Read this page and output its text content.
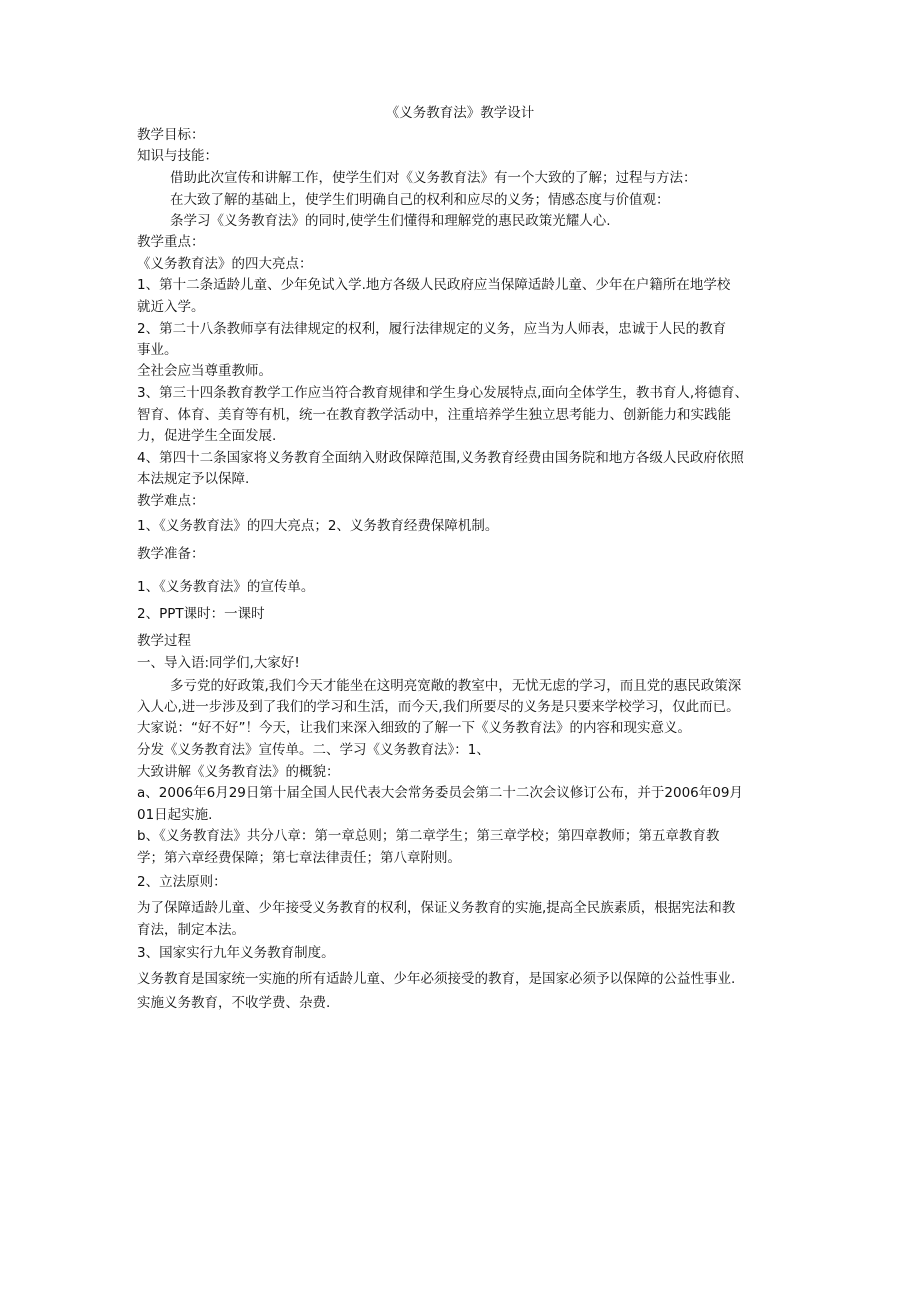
《义务教育法》教学设计
教学目标：
知识与技能：
借助此次宣传和讲解工作，使学生们对《义务教育法》有一个大致的了解；过程与方法：
在大致了解的基础上，使学生们明确自己的权利和应尽的义务；情感态度与价值观：
条学习《义务教育法》的同时,使学生们懂得和理解党的惠民政策光耀人心.
教学重点：
《义务教育法》的四大亮点：
1、第十二条适龄儿童、少年免试入学.地方各级人民政府应当保障适龄儿童、少年在户籍所在地学校
就近入学。
2、第二十八条教师享有法律规定的权利，履行法律规定的义务，应当为人师表，忠诚于人民的教育
事业。
全社会应当尊重教师。
3、第三十四条教育教学工作应当符合教育规律和学生身心发展特点,面向全体学生，教书育人,将德育、
智育、体育、美育等有机，统一在教育教学活动中，注重培养学生独立思考能力、创新能力和实践能
力，促进学生全面发展.
4、第四十二条国家将义务教育全面纳入财政保障范围,义务教育经费由国务院和地方各级人民政府依照
本法规定予以保障.
教学难点：
1、《义务教育法》的四大亮点；2、义务教育经费保障机制。
教学准备：
1、《义务教育法》的宣传单。
2、PPT课时：一课时
教学过程
一、导入语:同学们,大家好!
多亏党的好政策,我们今天才能坐在这明亮宽敞的教室中，无忧无虑的学习，而且党的惠民政策深
入人心,进一步涉及到了我们的学习和生活，而今天,我们所要尽的义务是只要来学校学习，仅此而已。
大家说：“好不好”！今天，让我们来深入细致的了解一下《义务教育法》的内容和现实意义。
分发《义务教育法》宣传单。二、学习《义务教育法》：1、
大致讲解《义务教育法》的概貌：
a、2006年6月29日第十届全国人民代表大会常务委员会第二十二次会议修订公布，并于2006年09月
01日起实施.
b、《义务教育法》共分八章：第一章总则；第二章学生；第三章学校；第四章教师；第五章教育教
学；第六章经费保障；第七章法律责任；第八章附则。
2、立法原则：
为了保障适龄儿童、少年接受义务教育的权利，保证义务教育的实施,提高全民族素质，根据宪法和教
育法，制定本法。
3、国家实行九年义务教育制度。
义务教育是国家统一实施的所有适龄儿童、少年必须接受的教育，是国家必须予以保障的公益性事业.
实施义务教育，不收学费、杂费.
